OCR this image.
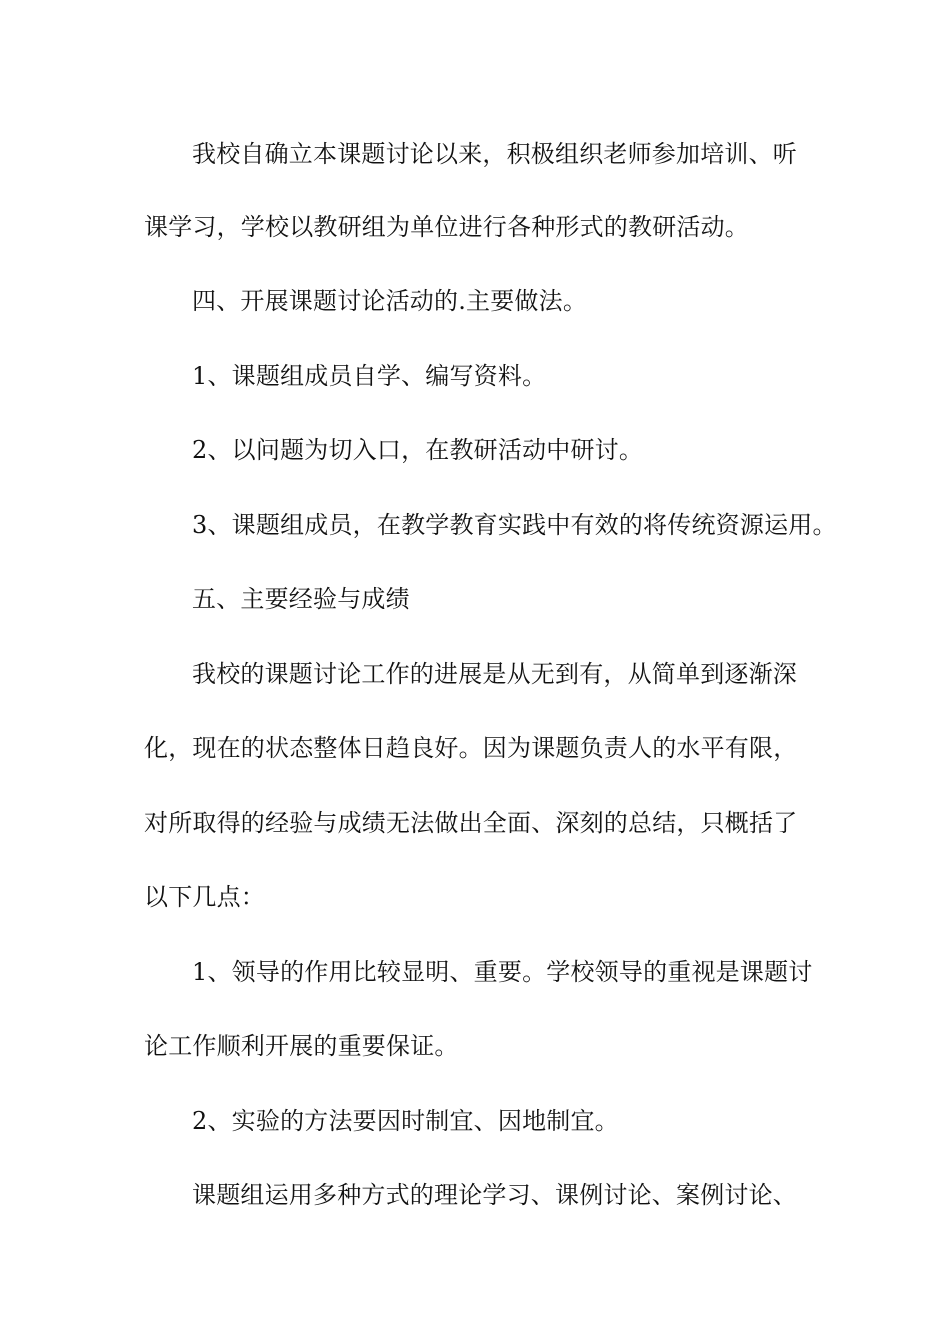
我校自确立本课题讨论以来，积极组织老师参加培训、听
课学习，学校以教研组为单位进行各种形式的教研活动。
四、开展课题讨论活动的.主要做法。
1、课题组成员自学、编写资料。
2、以问题为切入口，在教研活动中研讨。
3、课题组成员，在教学教育实践中有效的将传统资源运用。
五、主要经验与成绩
我校的课题讨论工作的进展是从无到有，从简单到逐渐深
化，现在的状态整体日趋良好。因为课题负责人的水平有限，
对所取得的经验与成绩无法做出全面、深刻的总结，只概括了
以下几点：
1、领导的作用比较显明、重要。学校领导的重视是课题讨
论工作顺利开展的重要保证。
2、实验的方法要因时制宜、因地制宜。
课题组运用多种方式的理论学习、课例讨论、案例讨论、
